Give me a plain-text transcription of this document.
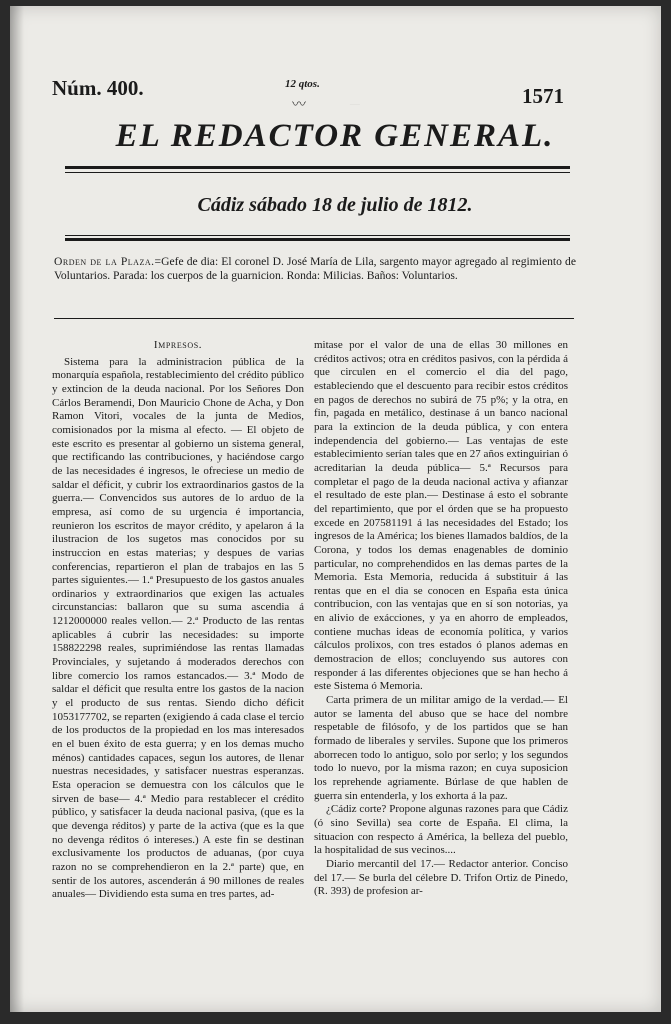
—
Núm. 400.	12 qtos.
〰	1571
EL REDACTOR GENERAL.
Cádiz sábado 18 de julio de 1812.
Orden de la Plaza.=Gefe de dia: El coronel D. José María de Lila, sargento mayor agregado al regimiento de Voluntarios. Parada: los cuerpos de la guarnicion. Ronda: Milicias. Baños: Voluntarios.

Impresos.

Sistema para la administracion pública de la monarquía española, restablecimiento del crédito público y extincion de la deuda nacional. Por los Señores Don Cárlos Beramendi, Don Mauricio Chone de Acha, y Don Ramon Vitori, vocales de la junta de Medios, comisionados por la misma al efecto. — El objeto de este escrito es presentar al gobierno un sistema general, que rectificando las contribuciones, y haciéndose cargo de las necesidades é ingresos, le ofreciese un medio de saldar el déficit, y cubrir los extraordinarios gastos de la guerra.— Convencidos sus autores de lo arduo de la empresa, así como de su urgencia é importancia, reunieron los escritos de mayor crédito, y apelaron á la ilustracion de los sugetos mas conocidos por su instruccion en estas materias; y despues de varias conferencias, repartieron el plan de trabajos en las 5 partes siguientes.— 1.ª Presupuesto de los gastos anuales ordinarios y extraordinarios que exigen las actuales circunstancias: ballaron que su suma ascendia á 1212000000 reales vellon.— 2.ª Producto de las rentas aplicables á cubrir las necesidades: su importe 158822298 reales, suprimiéndose las rentas llamadas Provinciales, y sujetando á moderados derechos con libre comercio los ramos estancados.— 3.ª Modo de saldar el déficit que resulta entre los gastos de la nacion y el producto de sus rentas. Siendo dicho déficit 1053177702, se reparten (exigiendo á cada clase el tercio de los productos de la propiedad en los mas interesados en el buen éxito de esta guerra; y en los demas mucho ménos) cantidades capaces, segun los autores, de llenar nuestras necesidades, y satisfacer nuestras esperanzas. Esta operacion se demuestra con los cálculos que le sirven de base— 4.ª Medio para restablecer el crédito público, y satisfacer la deuda nacional pasiva, (que es la que devenga réditos) y parte de la activa (que es la que no devenga réditos ó intereses.) A este fin se destinan exclusivamente los productos de aduanas, (por cuya razon no se comprehendieron en la 2.ª parte) que, en sentir de los autores, ascenderán á 90 millones de reales anuales— Dividiendo esta suma en tres partes, ad-

mitase por el valor de una de ellas 30 millones en créditos activos; otra en créditos pasivos, con la pérdida á que circulen en el comercio el dia del pago, estableciendo que el descuento para recibir estos créditos en pagos de derechos no subirá de 75 p%; y la otra, en fin, pagada en metálico, destinase á un banco nacional para la extincion de la deuda pública, y con entera independencia del gobierno.— Las ventajas de este establecimiento serían tales que en 27 años extinguirian ó acreditarian la deuda pública— 5.ª Recursos para completar el pago de la deuda nacional activa y afianzar el resultado de este plan.— Destinase á esto el sobrante del repartimiento, que por el órden que se ha propuesto excede en 207581191 á las necesidades del Estado; los ingresos de la América; los bienes llamados baldíos, de la Corona, y todos los demas enagenables de dominio particular, no comprehendidos en las demas partes de la Memoria. Esta Memoria, reducida á substituir á las rentas que en el dia se conocen en España esta única contribucion, con las ventajas que en sí son notorias, ya en alivio de exácciones, y ya en ahorro de empleados, contiene muchas ideas de economía política, y varios cálculos prolixos, con tres estados ó planos ademas en demostracion de ellos; concluyendo sus autores con responder á las diferentes objeciones que se han hecho á este Sistema ó Memoria.

Carta primera de un militar amigo de la verdad.— El autor se lamenta del abuso que se hace del nombre respetable de filósofo, y de los partidos que se han formado de liberales y serviles. Supone que los primeros aborrecen todo lo antiguo, solo por serlo; y los segundos todo lo nuevo, por la misma razon; en cuya suposicion los reprehende agriamente. Búrlase de que hablen de guerra sin entenderla, y los exhorta á la paz.

¿Cádiz corte? Propone algunas razones para que Cádiz (ó sino Sevilla) sea corte de España. El clima, la situacion con respecto á América, la belleza del pueblo, la hospitalidad de sus vecinos....

Diario mercantil del 17.— Redactor anterior. Conciso del 17.— Se burla del célebre D. Trifon Ortiz de Pinedo, (R. 393) de profesion ar-
